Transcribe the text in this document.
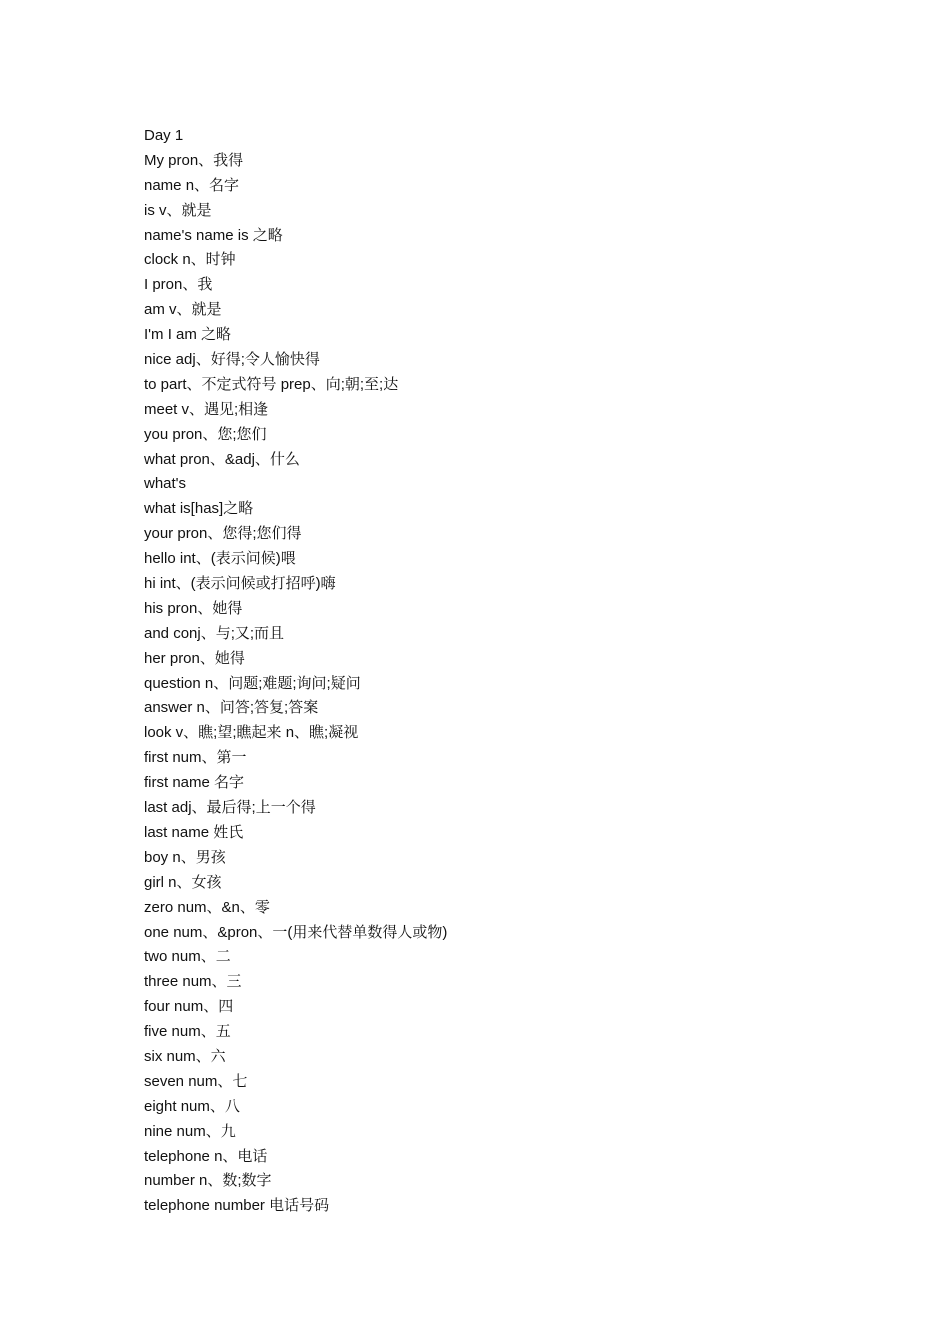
Day 1
My pron、我得
name n、名字
is v、就是
name's name is 之略
clock n、时钟
I pron、我
am v、就是
I'm I am 之略
nice adj、好得;令人愉快得
to part、不定式符号 prep、向;朝;至;达
meet v、遇见;相逢
you pron、您;您们
what pron、&adj、什么
what's
what is[has]之略
your pron、您得;您们得
hello int、(表示问候)喂
hi int、(表示问候或打招呼)嗨
his pron、她得
and conj、与;又;而且
her pron、她得
question n、问题;难题;询问;疑问
answer n、问答;答复;答案
look v、瞧;望;瞧起来 n、瞧;凝视
first num、第一
first name 名字
last adj、最后得;上一个得
last name 姓氏
boy n、男孩
girl n、女孩
zero num、&n、零
one num、&pron、一(用来代替单数得人或物)
two num、二
three num、三
four num、四
five num、五
six num、六
seven num、七
eight num、八
nine num、九
telephone n、电话
number n、数;数字
telephone number 电话号码
